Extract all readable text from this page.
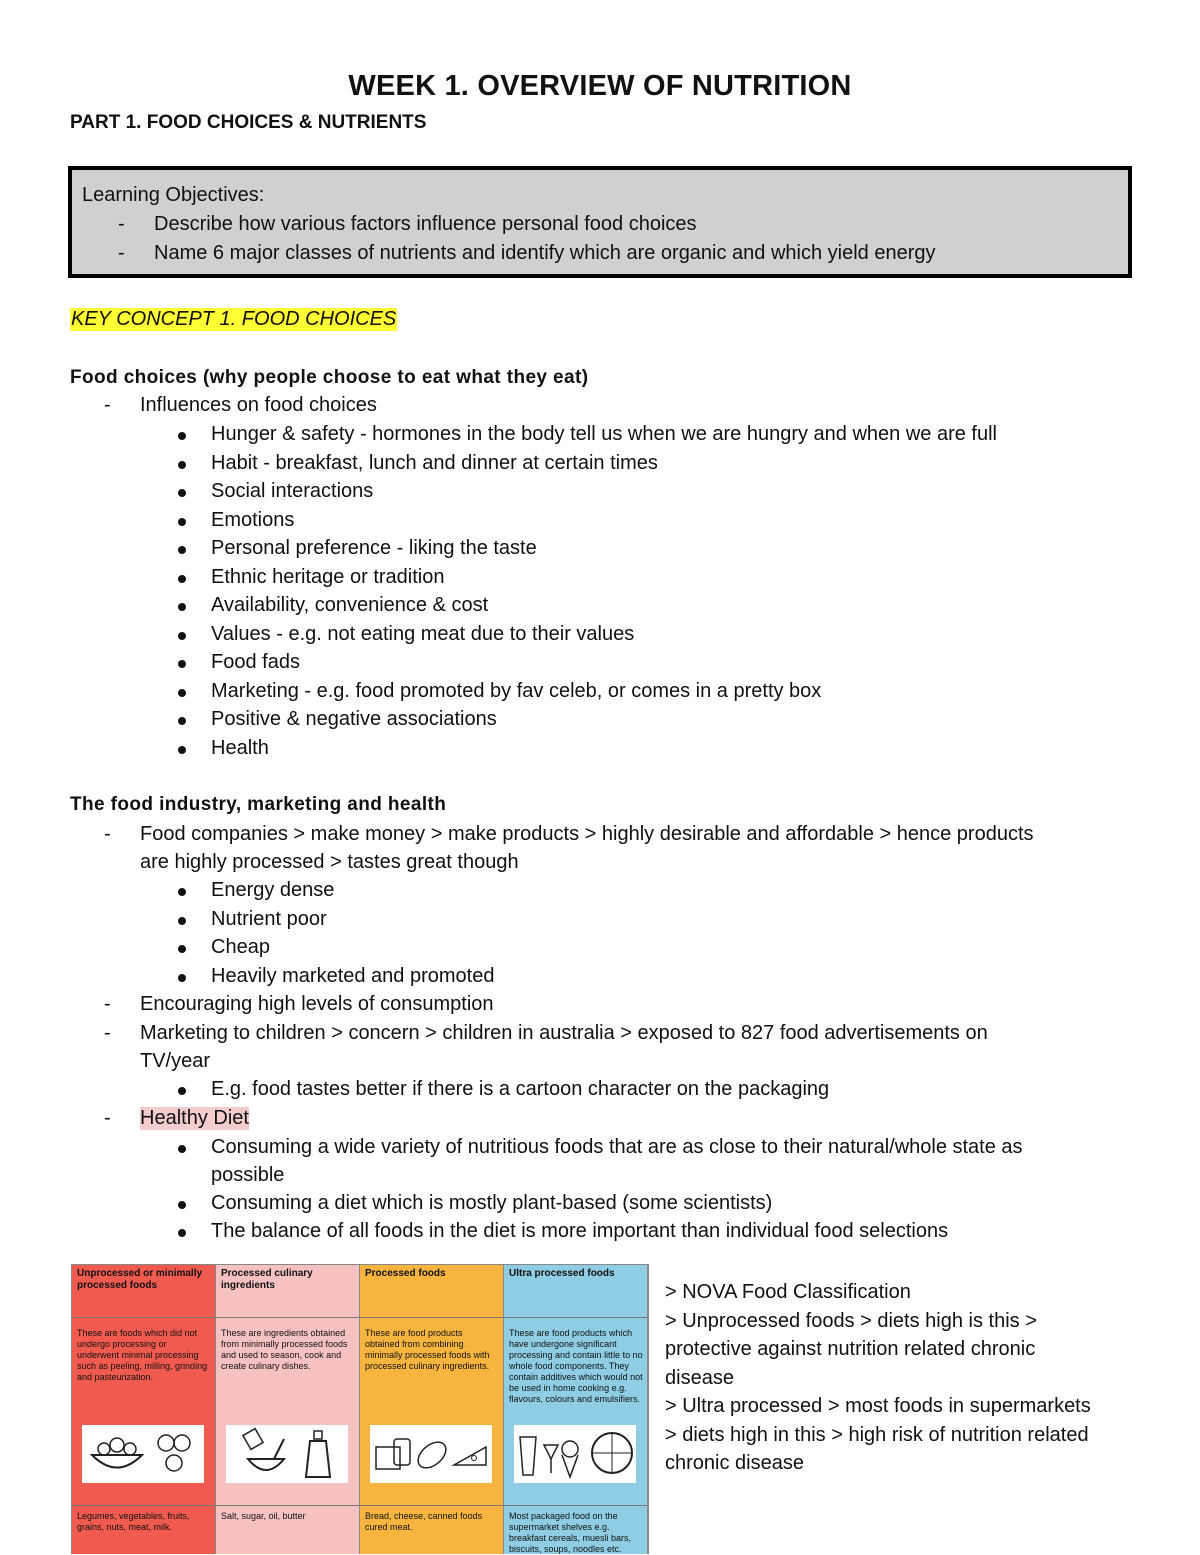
WEEK 1. OVERVIEW OF NUTRITION
PART 1. FOOD CHOICES & NUTRIENTS
Learning Objectives:
- Describe how various factors influence personal food choices
- Name 6 major classes of nutrients and identify which are organic and which yield energy
KEY CONCEPT 1. FOOD CHOICES
Food choices (why people choose to eat what they eat)
- Influences on food choices
Hunger & safety - hormones in the body tell us when we are hungry and when we are full
Habit - breakfast, lunch and dinner at certain times
Social interactions
Emotions
Personal preference - liking the taste
Ethnic heritage or tradition
Availability, convenience & cost
Values - e.g. not eating meat due to their values
Food fads
Marketing - e.g. food promoted by fav celeb, or comes in a pretty box
Positive & negative associations
Health
The food industry, marketing and health
- Food companies > make money > make products > highly desirable and affordable > hence products
are highly processed > tastes great though
Energy dense
Nutrient poor
Cheap
Heavily marketed and promoted
- Encouraging high levels of consumption
- Marketing to children > concern > children in australia > exposed to 827 food advertisements on
TV/year
E.g. food tastes better if there is a cartoon character on the packaging
- Healthy Diet
Consuming a wide variety of nutritious foods that are as close to their natural/whole state as
possible
Consuming a diet which is mostly plant-based (some scientists)
The balance of all foods in the diet is more important than individual food selections
Unprocessed or minimally processed foods
These are foods which did not undergo processing or underwent minimal processing such as peeling, milling, grinding and pasteurization.
Legumes, vegetables, fruits, grains, nuts, meat, milk.
Processed culinary ingredients
These are ingredients obtained from minimally processed foods and used to season, cook and create culinary dishes.
Salt, sugar, oil, butter
Processed foods
These are food products obtained from combining minimally processed foods with processed culinary ingredients.
Bread, cheese, canned foods cured meat.
Ultra processed foods
These are food products which have undergone significant processing and contain little to no whole food components. They contain additives which would not be used in home cooking e.g. flavours, colours and emulsifiers.
Most packaged food on the supermarket shelves e.g. breakfast cereals, muesli bars, biscuits, soups, noodles etc.
> NOVA Food Classification
> Unprocessed foods > diets high is this >
protective against nutrition related chronic
disease
> Ultra processed > most foods in supermarkets
> diets high in this > high risk of nutrition related
chronic disease
